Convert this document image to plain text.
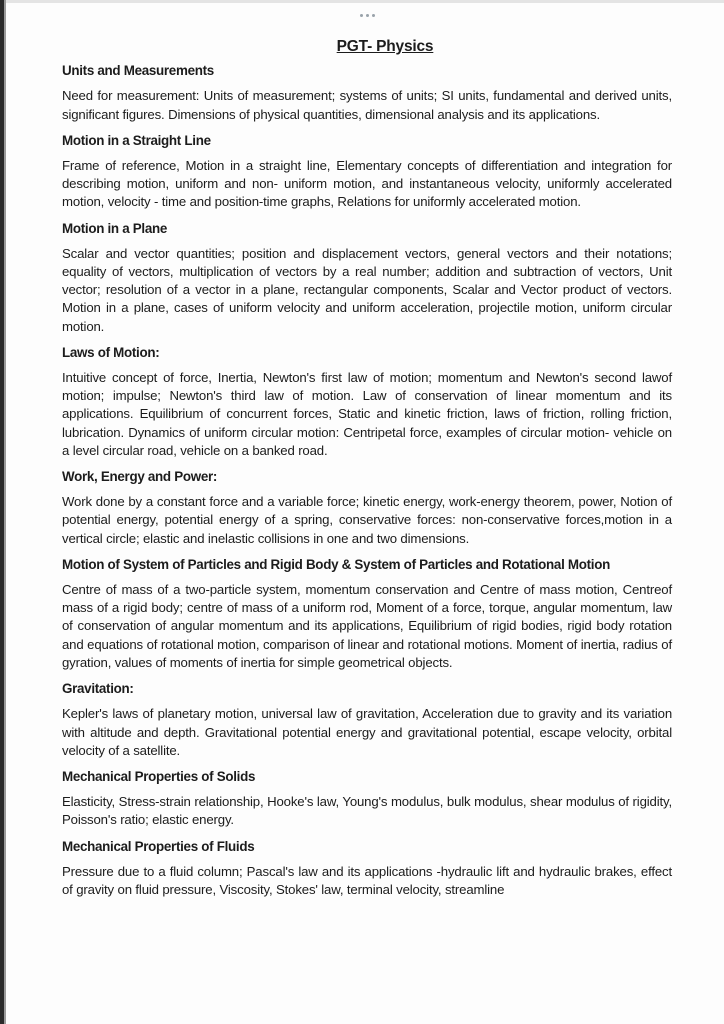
PGT- Physics
Units and Measurements
Need for measurement: Units of measurement; systems of units; SI units, fundamental and derived units, significant figures. Dimensions of physical quantities, dimensional analysis and its applications.
Motion in a Straight Line
Frame of reference, Motion in a straight line, Elementary concepts of differentiation and integration for describing motion, uniform and non- uniform motion, and instantaneous velocity, uniformly accelerated motion, velocity - time and position-time graphs, Relations for uniformly accelerated motion.
Motion in a Plane
Scalar and vector quantities; position and displacement vectors, general vectors and their notations; equality of vectors, multiplication of vectors by a real number; addition and subtraction of vectors, Unit vector; resolution of a vector in a plane, rectangular components, Scalar and Vector product of vectors. Motion in a plane, cases of uniform velocity and uniform acceleration, projectile motion, uniform circular motion.
Laws of Motion:
Intuitive concept of force, Inertia, Newton's first law of motion; momentum and Newton's second lawof motion; impulse; Newton's third law of motion. Law of conservation of linear momentum and its applications. Equilibrium of concurrent forces, Static and kinetic friction, laws of friction, rolling friction, lubrication. Dynamics of uniform circular motion: Centripetal force, examples of circular motion- vehicle on a level circular road, vehicle on a banked road.
Work, Energy and Power:
Work done by a constant force and a variable force; kinetic energy, work-energy theorem, power, Notion of potential energy, potential energy of a spring, conservative forces: non-conservative forces,motion in a vertical circle; elastic and inelastic collisions in one and two dimensions.
Motion of System of Particles and Rigid Body & System of Particles and Rotational Motion
Centre of mass of a two-particle system, momentum conservation and Centre of mass motion, Centreof mass of a rigid body; centre of mass of a uniform rod, Moment of a force, torque, angular momentum, law of conservation of angular momentum and its applications, Equilibrium of rigid bodies, rigid body rotation and equations of rotational motion, comparison of linear and rotational motions. Moment of inertia, radius of gyration, values of moments of inertia for simple geometrical objects.
Gravitation:
Kepler's laws of planetary motion, universal law of gravitation, Acceleration due to gravity and its variation with altitude and depth. Gravitational potential energy and gravitational potential, escape velocity, orbital velocity of a satellite.
Mechanical Properties of Solids
Elasticity, Stress-strain relationship, Hooke's law, Young's modulus, bulk modulus, shear modulus of rigidity, Poisson's ratio; elastic energy.
Mechanical Properties of Fluids
Pressure due to a fluid column; Pascal's law and its applications -hydraulic lift and hydraulic brakes, effect of gravity on fluid pressure, Viscosity, Stokes' law, terminal velocity, streamline
